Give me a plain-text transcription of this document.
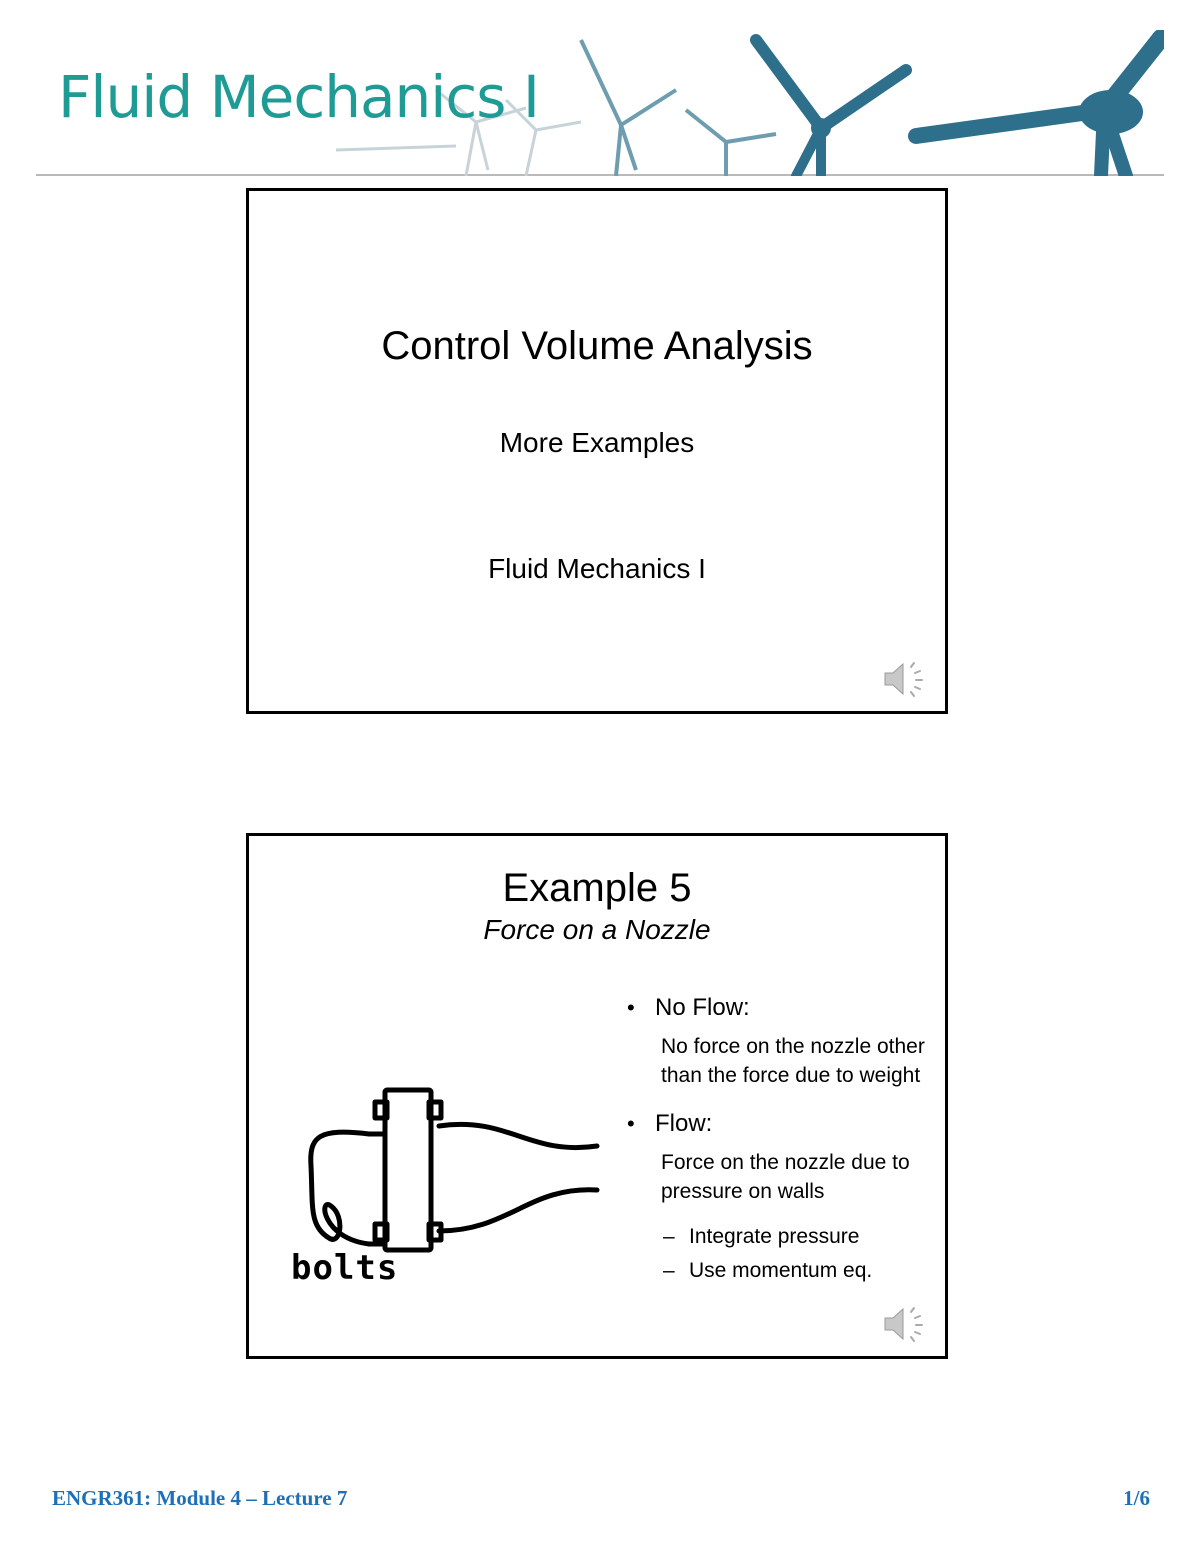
Fluid Mechanics I
Control Volume Analysis
More Examples
Fluid Mechanics I
Example 5
Force on a Nozzle
bolts
• No Flow:
No force on the nozzle other than the force due to weight
• Flow:
Force on the nozzle due to pressure on walls
– Integrate pressure
– Use momentum eq.
ENGR361: Module 4 – Lecture 7	1/6
